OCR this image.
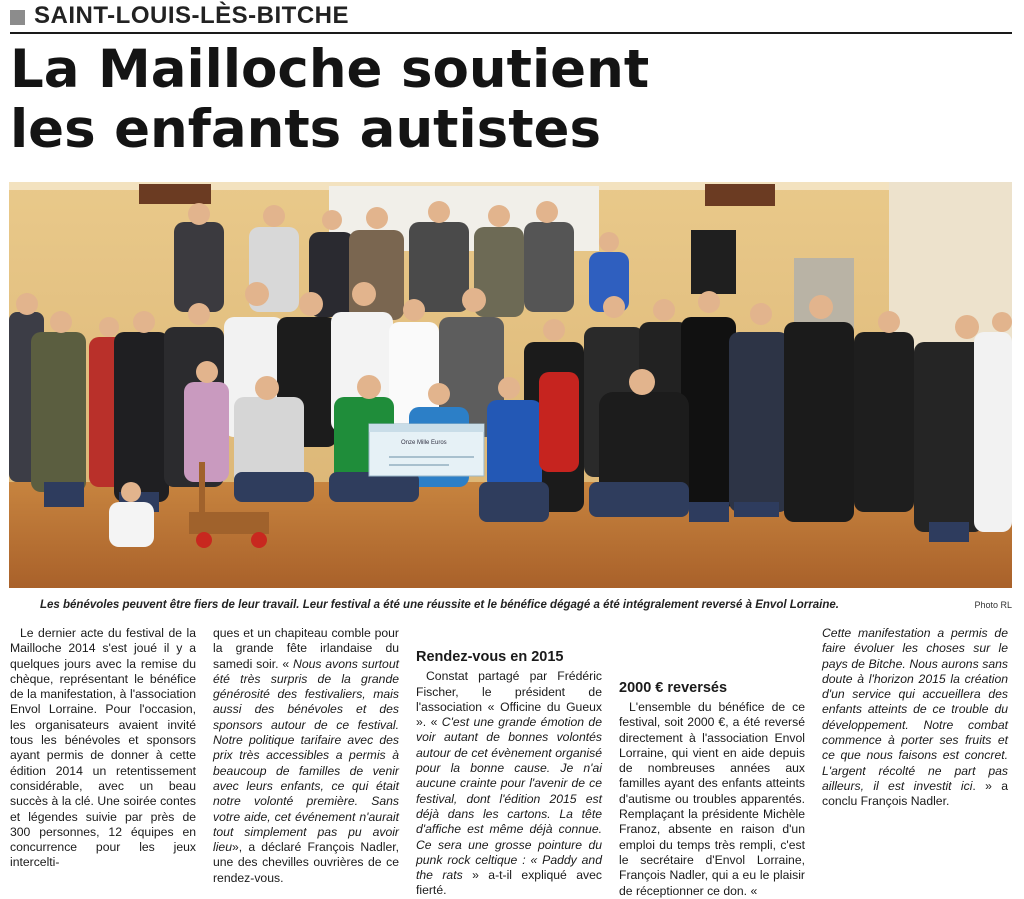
SAINT-LOUIS-LÈS-BITCHE
La Mailloche soutient
les enfants autistes
Onze Mille Euros
Les bénévoles peuvent être fiers de leur travail. Leur festival a été une réussite et le bénéfice dégagé a été intégralement reversé à Envol Lorraine.	Photo RL

Le dernier acte du festival de la Mailloche 2014 s'est joué il y a quelques jours avec la remise du chèque, représentant le bénéfice de la manifestation, à l'association Envol Lorraine. Pour l'occasion, les organisateurs avaient invité tous les bénévoles et sponsors ayant permis de donner à cette édition 2014 un retentissement considérable, avec un beau succès à la clé. Une soirée contes et légendes suivie par près de 300 personnes, 12 équipes en concurrence pour les jeux intercelti-

ques et un chapiteau comble pour la grande fête irlandaise du samedi soir. « Nous avons surtout été très surpris de la grande générosité des festivaliers, mais aussi des bénévoles et des sponsors autour de ce festival. Notre politique tarifaire avec des prix très accessibles a permis à beaucoup de familles de venir avec leurs enfants, ce qui était notre volonté première. Sans votre aide, cet événement n'aurait tout simplement pas pu avoir lieu», a déclaré François Nadler, une des chevilles ouvrières de ce rendez-vous.

Rendez-vous en 2015

Constat partagé par Frédéric Fischer, le président de l'association « Officine du Gueux ». « C'est une grande émotion de voir autant de bonnes volontés autour de cet évènement organisé pour la bonne cause. Je n'ai aucune crainte pour l'avenir de ce festival, dont l'édition 2015 est déjà dans les cartons. La tête d'affiche est même déjà connue. Ce sera une grosse pointure du punk rock celtique : « Paddy and the rats » a-t-il expliqué avec fierté.

2000 € reversés

L'ensemble du bénéfice de ce festival, soit 2000 €, a été reversé directement à l'association Envol Lorraine, qui vient en aide depuis de nombreuses années aux familles ayant des enfants atteints d'autisme ou troubles apparentés. Remplaçant la présidente Michèle Franoz, absente en raison d'un emploi du temps très rempli, c'est le secrétaire d'Envol Lorraine, François Nadler, qui a eu le plaisir de réceptionner ce don. «

Cette manifestation a permis de faire évoluer les choses sur le pays de Bitche. Nous aurons sans doute à l'horizon 2015 la création d'un service qui accueillera des enfants atteints de ce trouble du développement. Notre combat commence à porter ses fruits et ce que nous faisons est concret. L'argent récolté ne part pas ailleurs, il est investit ici. » a conclu François Nadler.
